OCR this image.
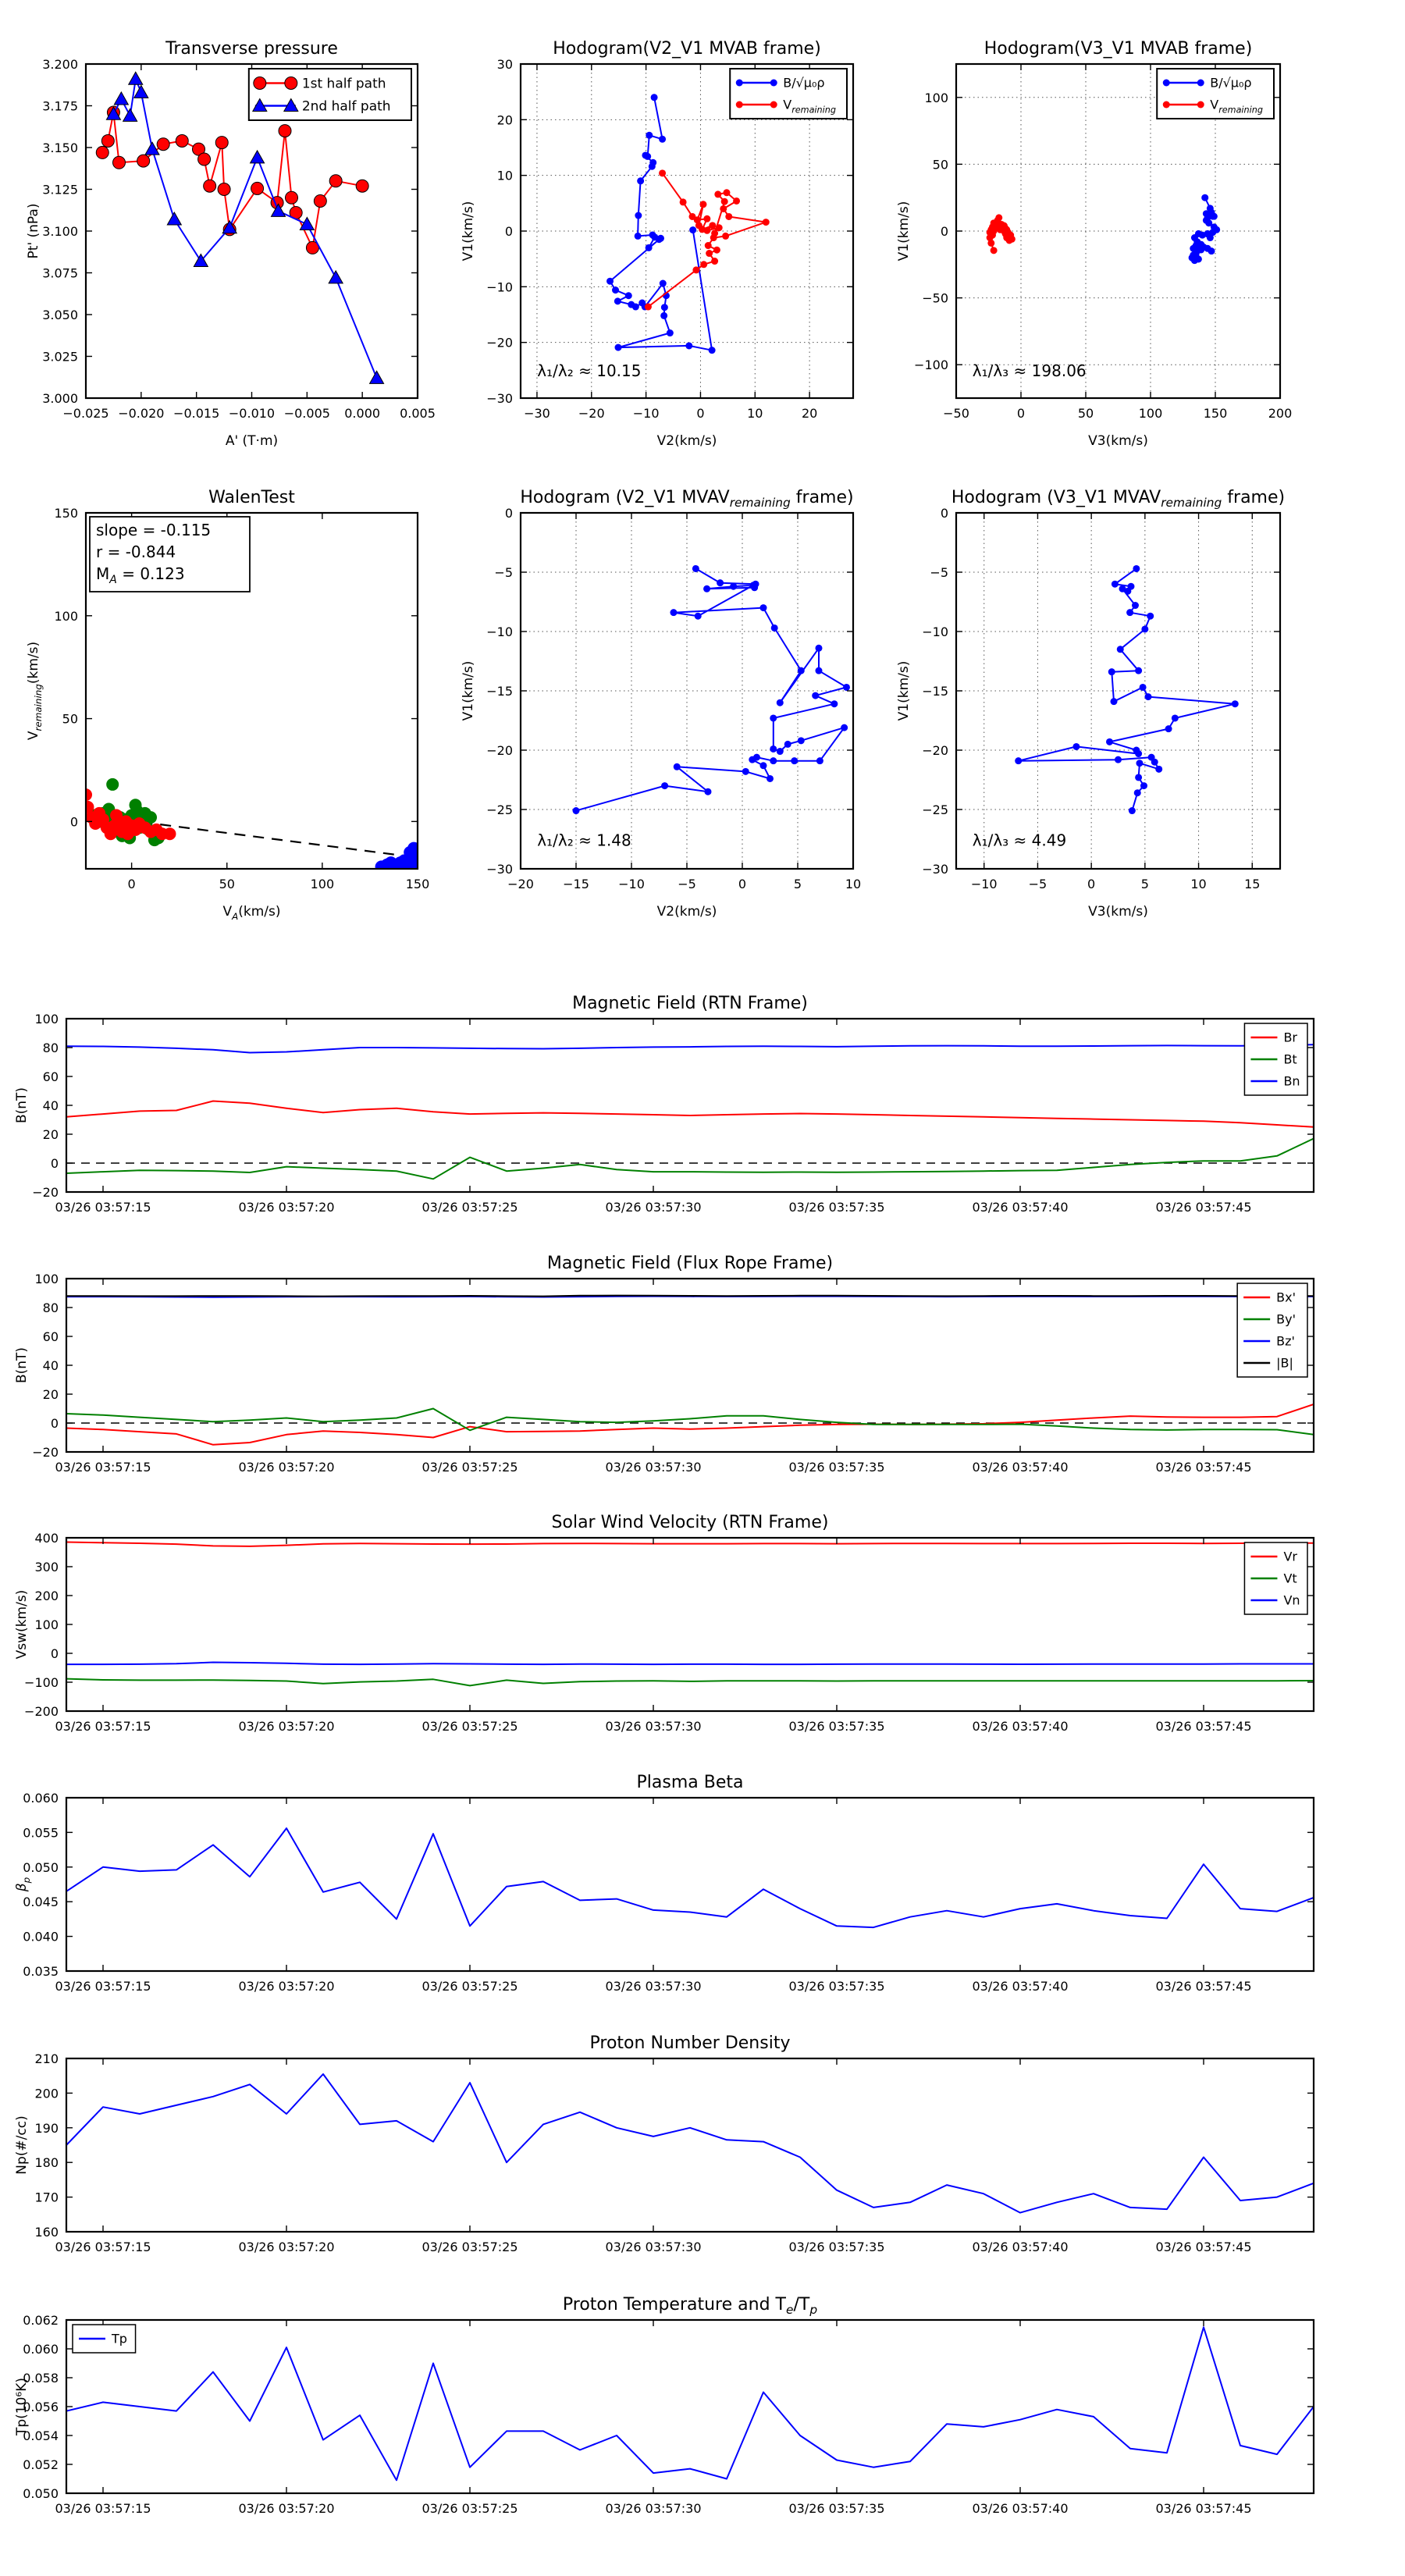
−0.025 −0.020 −0.015 −0.010 −0.005 0.000 0.005
3.000
3.025
3.050
3.075
3.100
3.125
3.150
3.175
3.200
Transverse pressure
A' (T·m)
Pt' (nPa)
1st half path
2nd half path
−30 −20 −10	0	10	20
−30
−20
−10
0
10
20
30
Hodogram(V2_V1 MVAB frame)
V2(km/s)
V1(km/s)
B/√μ₀ρ
$V_{remaining}$
λ₁/λ₂ ≈ 10.15
−50	0	50	100	150	200
−100
−50
0
50
100
Hodogram(V3_V1 MVAB frame)
V3(km/s)
V1(km/s)
B/√μ₀ρ
$V_{remaining}$
λ₁/λ₃ ≈ 198.06
0	50	100	150
0
50
100
150
WalenTest
$V_A(km/s)$
$V_{remaining}(km/s)$
slope = -0.115
r = -0.844
$M_A = 0.123$
−20 −15 −10	−5	0	5	10
0
−5
−10
−15
−20
−25
−30
Hodogram (V2_V1 $MVAV_{remaining}$ frame)
V2(km/s)
V1(km/s)
λ₁/λ₂ ≈ 1.48
−10	−5	0	5	10	15
0
−5
−10
−15
−20
−25
−30
Hodogram (V3_V1 $MVAV_{remaining}$ frame)
V3(km/s)
V1(km/s)
λ₁/λ₃ ≈ 4.49
03/26 03:57:15	03/26 03:57:20	03/26 03:57:25	03/26 03:57:30	03/26 03:57:35	03/26 03:57:40	03/26 03:57:45
−20
0
20
40
60
80
100
Magnetic Field (RTN Frame)
B(nT)
Br
Bt
Bn
03/26 03:57:15	03/26 03:57:20	03/26 03:57:25	03/26 03:57:30	03/26 03:57:35	03/26 03:57:40	03/26 03:57:45
−20
0
20
40
60
80
100
Magnetic Field (Flux Rope Frame)
B(nT)
Bx'
By'
Bz'
|B|
03/26 03:57:15	03/26 03:57:20	03/26 03:57:25	03/26 03:57:30	03/26 03:57:35	03/26 03:57:40	03/26 03:57:45
−200
−100
0
100
200
300
400
Solar Wind Velocity (RTN Frame)
Vsw(km/s)
Vr
Vt
Vn
03/26 03:57:15	03/26 03:57:20	03/26 03:57:25	03/26 03:57:30	03/26 03:57:35	03/26 03:57:40	03/26 03:57:45
0.035
0.040
0.045
0.050
0.055
0.060
Plasma Beta
$\beta_p$
03/26 03:57:15	03/26 03:57:20	03/26 03:57:25	03/26 03:57:30	03/26 03:57:35	03/26 03:57:40	03/26 03:57:45
160
170
180
190
200
210
Proton Number Density
Np(#/cc)
03/26 03:57:15	03/26 03:57:20	03/26 03:57:25	03/26 03:57:30	03/26 03:57:35	03/26 03:57:40	03/26 03:57:45
0.050
0.052
0.054
0.056
0.058
0.060
0.062
Proton Temperature and $T_e/T_p$
Tp(10⁶K)
Tp
